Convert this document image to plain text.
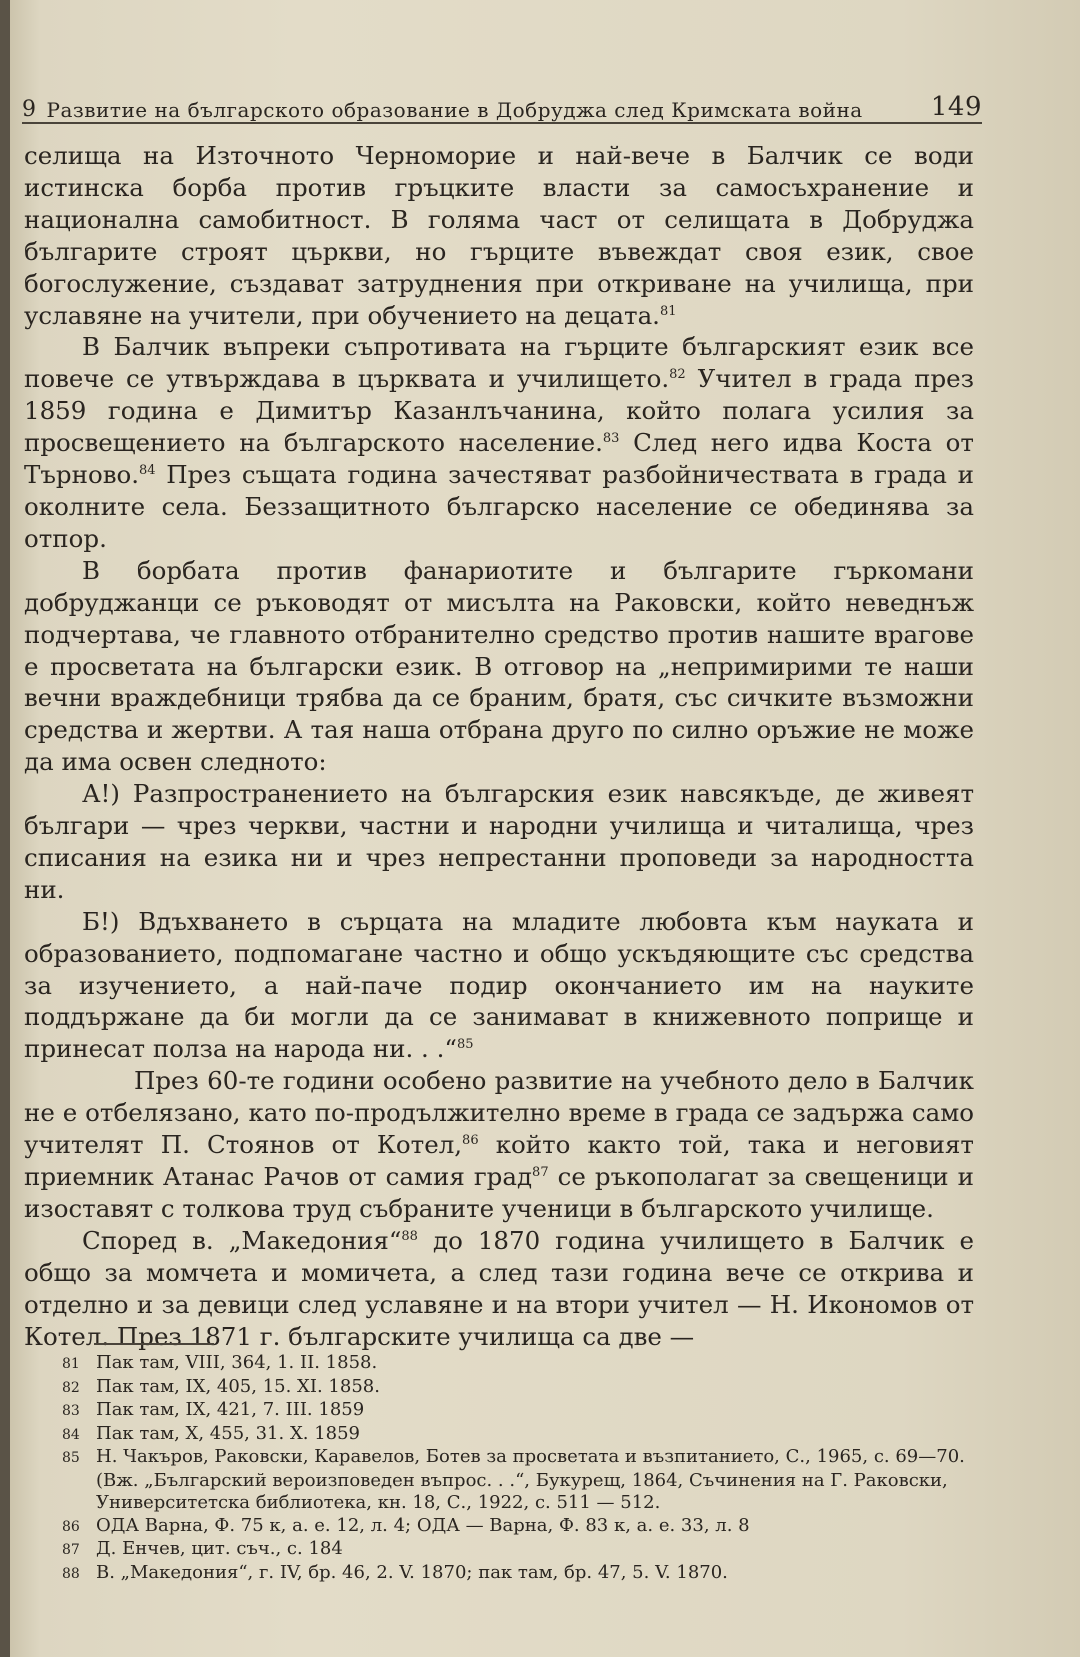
9 Развитие на българското образование в Добруджа след Кримската война	149

селища на Източното Черноморие и най-вече в Балчик се води истинска борба против гръцките власти за самосъхранение и национална самобитност. В голяма част от селищата в Добруджа българите строят църкви, но гърците въвеждат своя език, свое богослужение, създават затруднения при откриване на училища, при уславяне на учители, при обучението на децата.$^{81}$

В Балчик въпреки съпротивата на гърците българският език все повече се утвърждава в църквата и училището.$^{82}$ Учител в града през 1859 година е Димитър Казанлъчанина, който полага усилия за просвещението на българското население.$^{83}$ След него идва Коста от Търново.$^{84}$ През същата година зачестяват разбойничествата в града и околните села. Беззащитното българско население се обединява за отпор.

В борбата против фанариотите и българите гъркомани добруджанци се ръководят от мисълта на Раковски, който неведнъж подчертава, че главното отбранително средство против нашите врагове е просветата на български език. В отговор на „непримирими те наши вечни враждебници трябва да се браним, братя, със сичките възможни средства и жертви. А тая наша отбрана друго по силно оръжие не може да има освен следното:

А!) Разпространението на българския език навсякъде, де живеят българи — чрез черкви, частни и народни училища и читалища, чрез списания на езика ни и чрез непрестанни проповеди за народността ни.

Б!) Вдъхването в сърцата на младите любовта към науката и образованието, подпомагане частно и общо ускъдяющите със средства за изучението, а най-паче подир окончанието им на науките поддържане да би могли да се занимават в книжевното поприще и принесат полза на народа ни. . .“$^{85}$

През 60-те години особено развитие на учебното дело в Балчик не е отбелязано, като по-продължително време в града се задържа само учителят П. Стоянов от Котел,$^{86}$ който както той, така и неговият приемник Атанас Рачов от самия град$^{87}$ се ръкополагат за свещеници и изоставят с толкова труд събраните ученици в българското училище.

Според в. „Македония“$^{88}$ до 1870 година училището в Балчик е общо за момчета и момичета, а след тази година вече се открива и отделно и за девици след уславяне и на втори учител — Н. Икономов от Котел. През 1871 г. българските училища са две —

81 Пак там, VIII, 364, 1. II. 1858.

82 Пак там, IX, 405, 15. XI. 1858.

83 Пак там, IX, 421, 7. III. 1859

84 Пак там, X, 455, 31. X. 1859

85 Н. Чакъров, Раковски, Каравелов, Ботев за просветата и възпитанието, С., 1965, с. 69—70. (Вж. „Българский вероизповеден въпрос. . .“, Букурещ, 1864, Съчинения на Г. Раковски, Университетска библиотека, кн. 18, С., 1922, с. 511 — 512.

86 ОДА Варна, Ф. 75 к, а. е. 12, л. 4; ОДА — Варна, Ф. 83 к, а. е. 33, л. 8

87 Д. Енчев, цит. съч., с. 184

88 В. „Македония“, г. IV, бр. 46, 2. V. 1870; пак там, бр. 47, 5. V. 1870.
